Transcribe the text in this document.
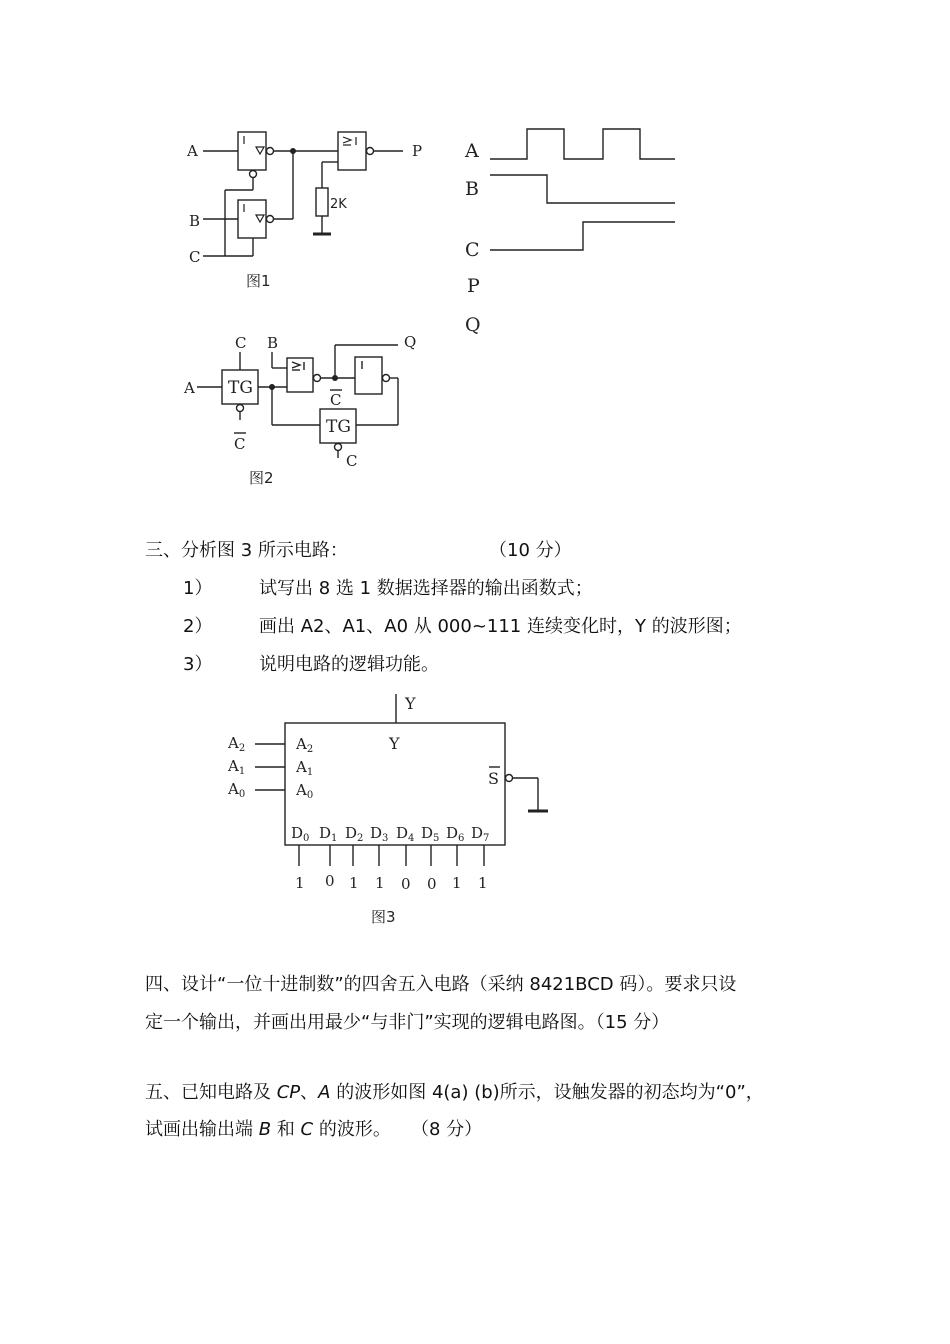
A
B
C
P
2K
图1
A
B
C
P
Q
TG
TG
A
C B	Q
C
C
C
图2
三、分析图 3 所示电路：	（10 分）
1）	试写出 8 选 1 数据选择器的输出函数式；
2）	画出 A2、A1、A0 从 000~111 连续变化时，Y 的波形图；
3）	说明电路的逻辑功能。
Y
Y
S
$A_2$
$A_1$
$A_0$
$A_2$
$A_1$
$A_0$
$D_0$ $D_1$ $D_2$ $D_3$ $D_4$ $D_5$ $D_6$ $D_7$
1 0 1 1 0 0 1 1
图3
四、设计“一位十进制数”的四舍五入电路（采纳 8421BCD 码）。要求只设
定一个输出，并画出用最少“与非门”实现的逻辑电路图。（15 分）
五、已知电路及 CP、A 的波形如图 4(a) (b)所示，设触发器的初态均为“0”，
试画出输出端 B 和 C 的波形。 （8 分）
